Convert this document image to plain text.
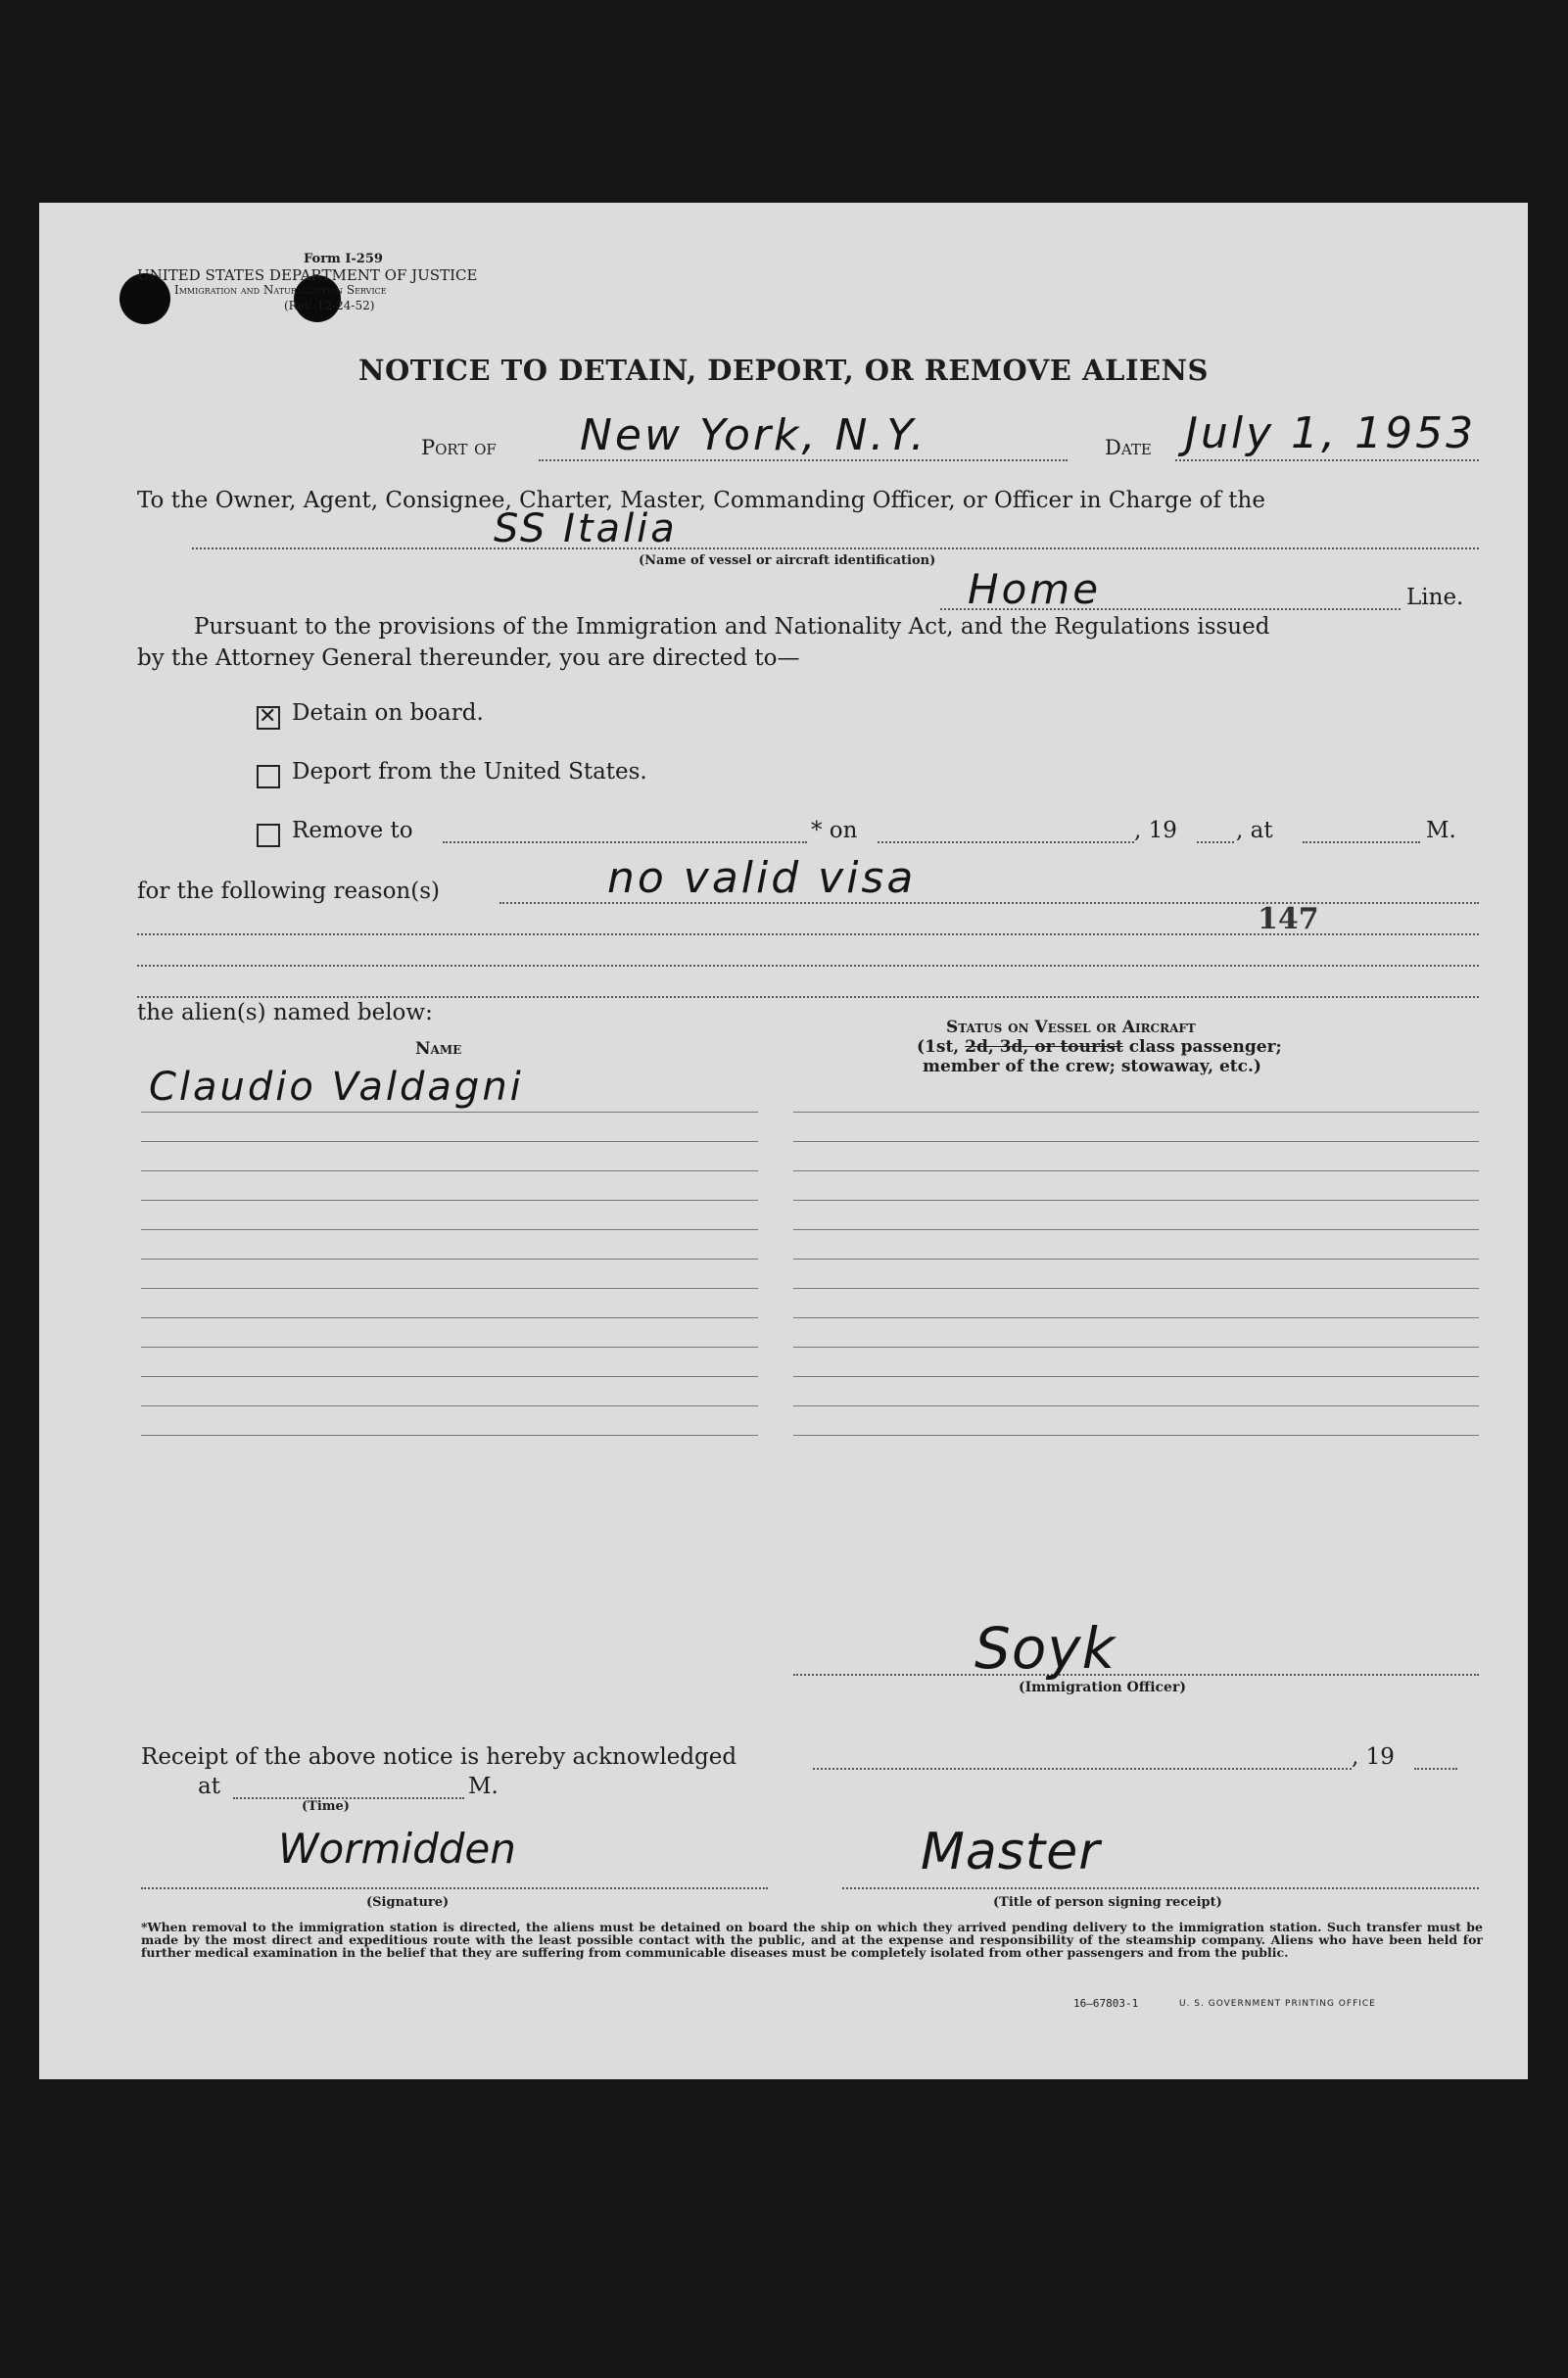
Form I-259
UNITED STATES DEPARTMENT OF JUSTICE
Immigration and Naturalization Service
(Rev. 12-24-52)
NOTICE TO DETAIN, DEPORT, OR REMOVE ALIENS
Port of New York, N.Y.	Date July 1, 1953
To the Owner, Agent, Consignee, Charter, Master, Commanding Officer, or Officer in Charge of the
SS Italia
(Name of vessel or aircraft identification)
Home	Line.
Pursuant to the provisions of the Immigration and Nationality Act, and the Regulations issued
by the Attorney General thereunder, you are directed to—
✕
Detain on board.
Deport from the United States.
Remove to	* on	, 19	, at	M.
for the following reason(s)	no valid visa
147
the alien(s) named below:
Name
Status on Vessel or Aircraft
(1st, 2d, 3d, or tourist class passenger;
member of the crew; stowaway, etc.)
Claudio Valdagni
Soyk
(Immigration Officer)
Receipt of the above notice is hereby acknowledged	, 19
at
(Time)
M.
Wormidden
(Signature)
Master
(Title of person signing receipt)
*When removal to the immigration station is directed, the aliens must be detained on board the ship on which they arrived pending delivery to the immigration station. Such transfer must be made by the most direct and expeditious route with the least possible contact with the public, and at the expense and responsibility of the steamship company. Aliens who have been held for further medical examination in the belief that they are suffering from communicable diseases must be completely isolated from other passengers and from the public.
16—67803-1	U. S. GOVERNMENT PRINTING OFFICE
